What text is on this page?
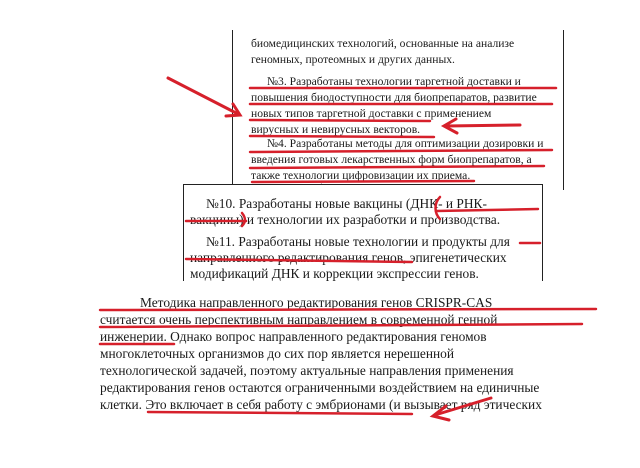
биомедицинских технологий, основанные на анализе
геномных, протеомных и других данных.
№3. Разработаны технологии таргетной доставки и
повышения биодоступности для биопрепаратов, развитие
новых типов таргетной доставки с применением
вирусных и невирусных векторов.
№4. Разработаны методы для оптимизации дозировки и
введения готовых лекарственных форм биопрепаратов, а
также технологии цифровизации их приема.
№10. Разработаны новые вакцины (ДНК- и РНК-
вакцины) и технологии их разработки и производства.
№11. Разработаны новые технологии и продукты для
направленного редактирования генов, эпигенетических
модификаций ДНК и коррекции экспрессии генов.
Методика направленного редактирования генов CRISPR-CAS
считается очень перспективным направлением в современной генной
инженерии. Однако вопрос направленного редактирования геномов
многоклеточных организмов до сих пор является нерешенной
технологической задачей, поэтому актуальные направления применения
редактирования генов остаются ограниченными воздействием на единичные
клетки. Это включает в себя работу с эмбрионами (и вызывает ряд этических
